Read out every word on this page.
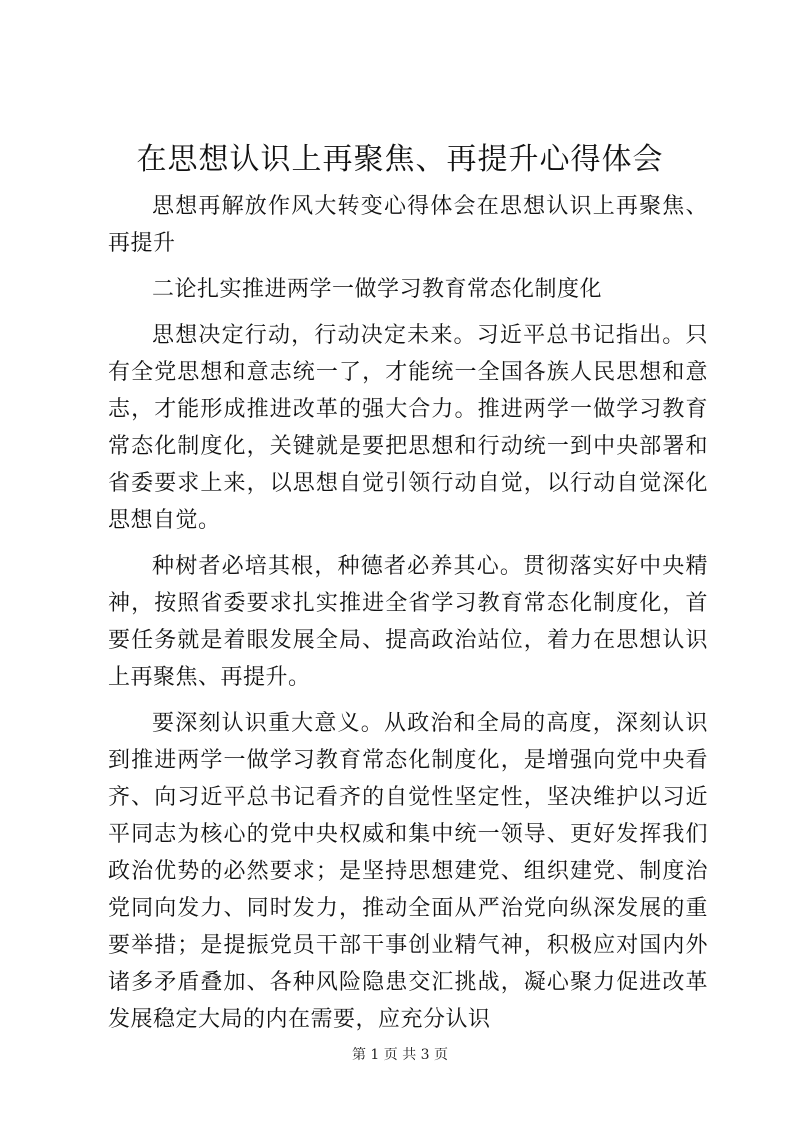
在思想认识上再聚焦、再提升心得体会

思想再解放作风大转变心得体会在思想认识上再聚焦、再提升

二论扎实推进两学一做学习教育常态化制度化

思想决定行动，行动决定未来。习近平总书记指出。只有全党思想和意志统一了，才能统一全国各族人民思想和意志，才能形成推进改革的强大合力。推进两学一做学习教育常态化制度化，关键就是要把思想和行动统一到中央部署和省委要求上来，以思想自觉引领行动自觉，以行动自觉深化思想自觉。

种树者必培其根，种德者必养其心。贯彻落实好中央精神，按照省委要求扎实推进全省学习教育常态化制度化，首要任务就是着眼发展全局、提高政治站位，着力在思想认识上再聚焦、再提升。

要深刻认识重大意义。从政治和全局的高度，深刻认识到推进两学一做学习教育常态化制度化，是增强向党中央看齐、向习近平总书记看齐的自觉性坚定性，坚决维护以习近平同志为核心的党中央权威和集中统一领导、更好发挥我们政治优势的必然要求；是坚持思想建党、组织建党、制度治党同向发力、同时发力，推动全面从严治党向纵深发展的重要举措；是提振党员干部干事创业精气神，积极应对国内外诸多矛盾叠加、各种风险隐患交汇挑战，凝心聚力促进改革发展稳定大局的内在需要，应充分认识

第 1 页 共 3 页
